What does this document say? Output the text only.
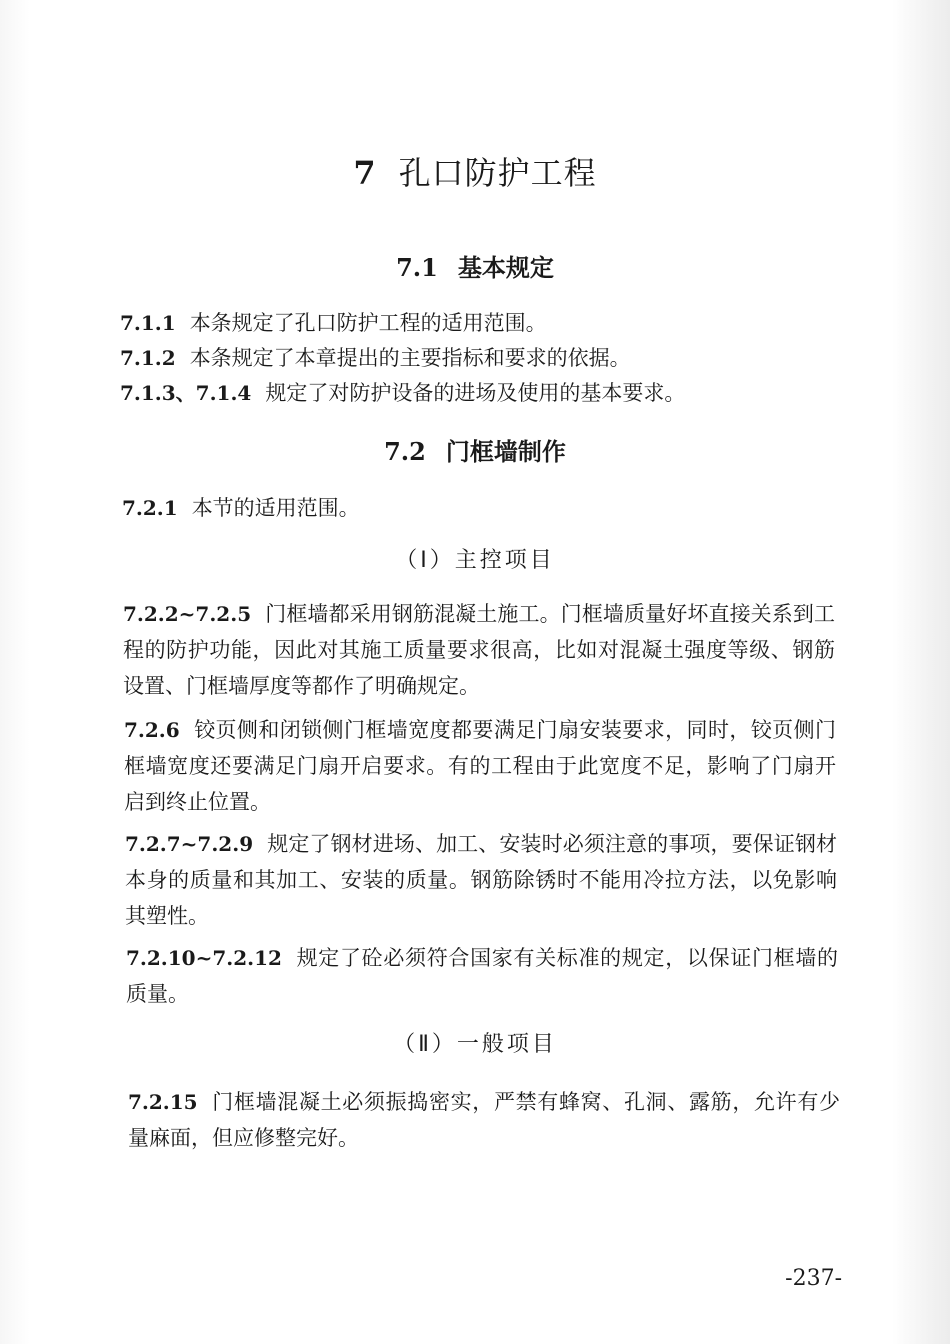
7 孔口防护工程
7.1 基本规定
7.1.1 本条规定了孔口防护工程的适用范围。
7.1.2 本条规定了本章提出的主要指标和要求的依据。
7.1.3、7.1.4 规定了对防护设备的进场及使用的基本要求。
7.2 门框墙制作
7.2.1 本节的适用范围。
（Ⅰ）主控项目
7.2.2~7.2.5 门框墙都采用钢筋混凝土施工。门框墙质量好坏直接关系到工程的防护功能，因此对其施工质量要求很高，比如对混凝土强度等级、钢筋设置、门框墙厚度等都作了明确规定。
7.2.6 铰页侧和闭锁侧门框墙宽度都要满足门扇安装要求，同时，铰页侧门框墙宽度还要满足门扇开启要求。有的工程由于此宽度不足，影响了门扇开启到终止位置。
7.2.7~7.2.9 规定了钢材进场、加工、安装时必须注意的事项，要保证钢材本身的质量和其加工、安装的质量。钢筋除锈时不能用冷拉方法，以免影响其塑性。
7.2.10~7.2.12 规定了砼必须符合国家有关标准的规定，以保证门框墙的质量。
（Ⅱ）一般项目
7.2.15 门框墙混凝土必须振捣密实，严禁有蜂窝、孔洞、露筋，允许有少量麻面，但应修整完好。
-237-
